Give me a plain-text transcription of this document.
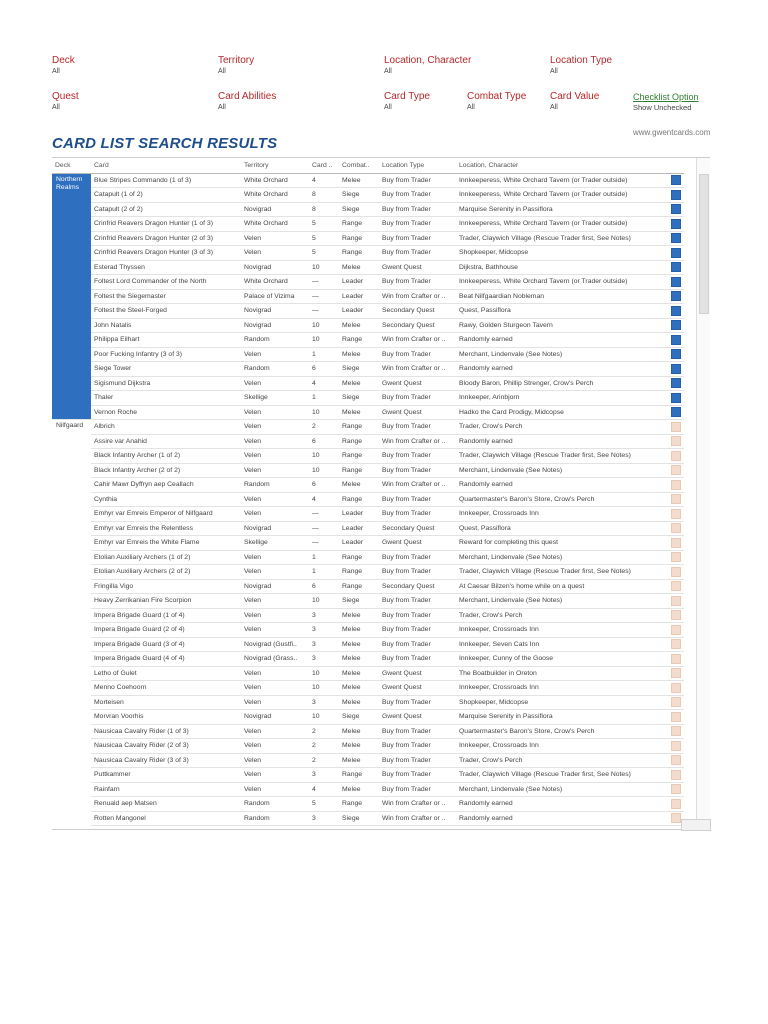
Deck
All
Territory
All
Location, Character
All
Location Type
All
Quest
All
Card Abilities
All
Card Type
All
Combat Type
All
Card Value
All
Checklist Option
Show Unchecked
CARD LIST SEARCH RESULTS
www.gwentcards.com
Deck	Card	Territory	Card ..	Combat..	Location Type	Location, Character	
Northern Realms	Blue Stripes Commando (1 of 3)	White Orchard	4	Melee	Buy from Trader	Innkeeperess, White Orchard Tavern (or Trader outside)	
	Catapult (1 of 2)	White Orchard	8	Siege	Buy from Trader	Innkeeperess, White Orchard Tavern (or Trader outside)	
	Catapult (2 of 2)	Novigrad	8	Siege	Buy from Trader	Marquise Serenity in Passiflora	
	Crinfrid Reavers Dragon Hunter (1 of 3)	White Orchard	5	Range	Buy from Trader	Innkeeperess, White Orchard Tavern (or Trader outside)	
	Crinfrid Reavers Dragon Hunter (2 of 3)	Velen	5	Range	Buy from Trader	Trader, Claywich Village (Rescue Trader first, See Notes)	
	Crinfrid Reavers Dragon Hunter (3 of 3)	Velen	5	Range	Buy from Trader	Shopkeeper, Midcopse	
	Esterad Thyssen	Novigrad	10	Melee	Gwent Quest	Dijkstra, Bathhouse	
	Foltest Lord Commander of the North	White Orchard	—	Leader	Buy from Trader	Innkeeperess, White Orchard Tavern (or Trader outside)	
	Foltest the Siegemaster	Palace of Vizima	—	Leader	Win from Crafter or ..	Beat Nilfgaardian Nobleman	
	Foltest the Steel-Forged	Novigrad	—	Leader	Secondary Quest	Quest, Passiflora	
	John Natalis	Novigrad	10	Melee	Secondary Quest	Rawy, Golden Sturgeon Tavern	
	Philippa Eilhart	Random	10	Range	Win from Crafter or ..	Randomly earned	
	Poor Fucking Infantry (3 of 3)	Velen	1	Melee	Buy from Trader	Merchant, Lindenvale (See Notes)	
	Siege Tower	Random	6	Siege	Win from Crafter or ..	Randomly earned	
	Sigismund Dijkstra	Velen	4	Melee	Gwent Quest	Bloody Baron, Phillip Strenger, Crow's Perch	
	Thaler	Skellige	1	Siege	Buy from Trader	Innkeeper, Arinbjorn	
	Vernon Roche	Velen	10	Melee	Gwent Quest	Hadko the Card Prodigy, Midcopse	
Nilfgaard	Albrich	Velen	2	Range	Buy from Trader	Trader, Crow's Perch	
	Assire var Anahid	Velen	6	Range	Win from Crafter or ..	Randomly earned	
	Black Infantry Archer (1 of 2)	Velen	10	Range	Buy from Trader	Trader, Claywich Village (Rescue Trader first, See Notes)	
	Black Infantry Archer (2 of 2)	Velen	10	Range	Buy from Trader	Merchant, Lindenvale (See Notes)	
	Cahir Mawr Dyffryn aep Ceallach	Random	6	Melee	Win from Crafter or ..	Randomly earned	
	Cynthia	Velen	4	Range	Buy from Trader	Quartermaster's Baron's Store, Crow's Perch	
	Emhyr var Emreis Emperor of Nilfgaard	Velen	—	Leader	Buy from Trader	Innkeeper, Crossroads Inn	
	Emhyr var Emreis the Relentless	Novigrad	—	Leader	Secondary Quest	Quest, Passiflora	
	Emhyr var Emreis the White Flame	Skellige	—	Leader	Gwent Quest	Reward for completing this quest	
	Etolian Auxiliary Archers (1 of 2)	Velen	1	Range	Buy from Trader	Merchant, Lindenvale (See Notes)	
	Etolian Auxiliary Archers (2 of 2)	Velen	1	Range	Buy from Trader	Trader, Claywich Village (Rescue Trader first, See Notes)	
	Fringilla Vigo	Novigrad	6	Range	Secondary Quest	At Caesar Bilzen's home while on a quest	
	Heavy Zerrikanian Fire Scorpion	Velen	10	Siege	Buy from Trader	Merchant, Lindenvale (See Notes)	
	Impera Brigade Guard (1 of 4)	Velen	3	Melee	Buy from Trader	Trader, Crow's Perch	
	Impera Brigade Guard (2 of 4)	Velen	3	Melee	Buy from Trader	Innkeeper, Crossroads Inn	
	Impera Brigade Guard (3 of 4)	Novigrad (Gustfi..	3	Melee	Buy from Trader	Innkeeper, Seven Cats Inn	
	Impera Brigade Guard (4 of 4)	Novigrad (Grass..	3	Melee	Buy from Trader	Innkeeper, Cunny of the Goose	
	Letho of Gulet	Velen	10	Melee	Gwent Quest	The Boatbuilder in Oreton	
	Menno Coehoorn	Velen	10	Melee	Gwent Quest	Innkeeper, Crossroads Inn	
	Morteisen	Velen	3	Melee	Buy from Trader	Shopkeeper, Midcopse	
	Morvran Voorhis	Novigrad	10	Siege	Gwent Quest	Marquise Serenity in Passiflora	
	Nausicaa Cavalry Rider (1 of 3)	Velen	2	Melee	Buy from Trader	Quartermaster's Baron's Store, Crow's Perch	
	Nausicaa Cavalry Rider (2 of 3)	Velen	2	Melee	Buy from Trader	Innkeeper, Crossroads Inn	
	Nausicaa Cavalry Rider (3 of 3)	Velen	2	Melee	Buy from Trader	Trader, Crow's Perch	
	Puttkammer	Velen	3	Range	Buy from Trader	Trader, Claywich Village (Rescue Trader first, See Notes)	
	Rainfarn	Velen	4	Melee	Buy from Trader	Merchant, Lindenvale (See Notes)	
	Renuald aep Matsen	Random	5	Range	Win from Crafter or ..	Randomly earned	
	Rotten Mangonel	Random	3	Siege	Win from Crafter or ..	Randomly earned	
